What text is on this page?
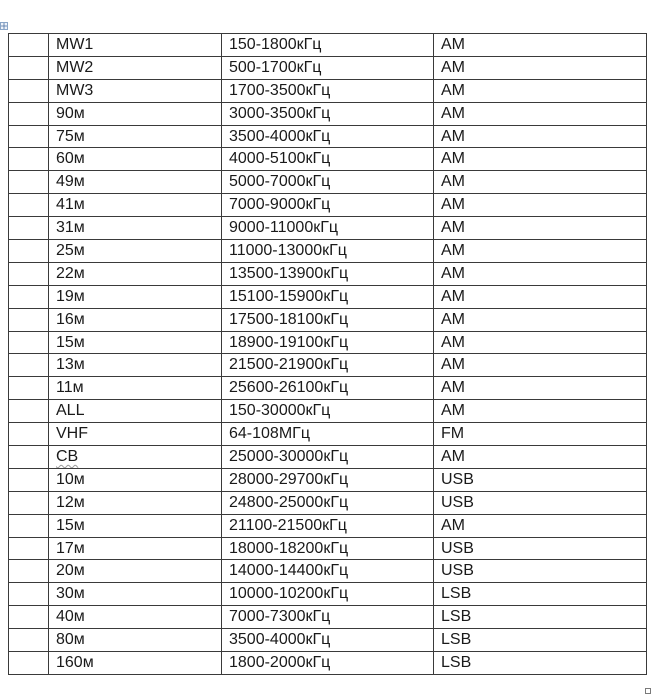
	MW1	150-1800кГц	AM
	MW2	500-1700кГц	AM
	MW3	1700-3500кГц	AM
	90м	3000-3500кГц	AM
	75м	3500-4000кГц	AM
	60м	4000-5100кГц	AM
	49м	5000-7000кГц	AM
	41м	7000-9000кГц	AM
	31м	9000-11000кГц	AM
	25м	11000-13000кГц	AM
	22м	13500-13900кГц	AM
	19м	15100-15900кГц	AM
	16м	17500-18100кГц	AM
	15м	18900-19100кГц	AM
	13м	21500-21900кГц	AM
	11м	25600-26100кГц	AM
	ALL	150-30000кГц	AM
	VHF	64-108МГц	FM
	CB	25000-30000кГц	AM
	10м	28000-29700кГц	USB
	12м	24800-25000кГц	USB
	15м	21100-21500кГц	AM
	17м	18000-18200кГц	USB
	20м	14000-14400кГц	USB
	30м	10000-10200кГц	LSB
	40м	7000-7300кГц	LSB
	80м	3500-4000кГц	LSB
	160м	1800-2000кГц	LSB
